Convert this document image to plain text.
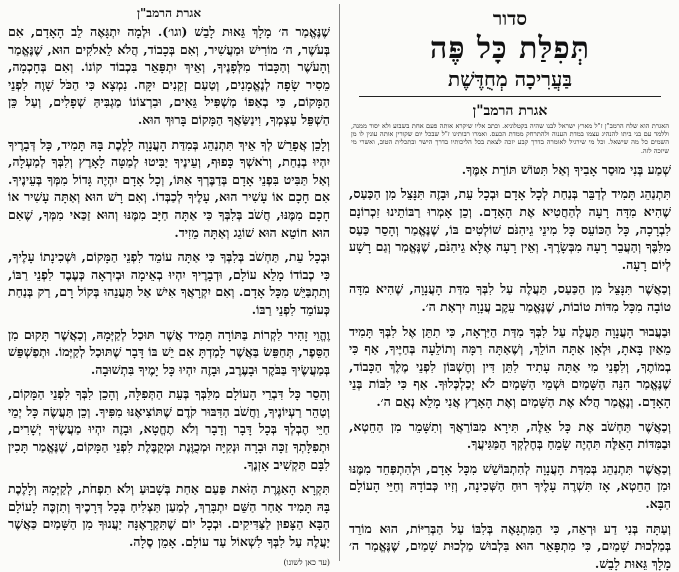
סדור
תְּפִלַּת כָּל פֶּה
בַּעֲרִיכָה מְחֻדֶּשֶׁת
אגרת הרמב"ן
האגרת הוא שלח הרמב"ן ז"ל מארץ ישראל לבנו שהיה בקטלוניא. וכתב אליו שיקרא אותה פעם אחת בשבוע ולא יסור ממנה, וללמד עם בני ביתו להנהיג עצמו במדת הענוה ולהתרחק ממדת הכעס. ואמרו רבותינו ז"ל שבכל יום שקורין אותה עונין לו מן השמים כל מה שישאל. וכל מי שירגיל לאומרה בדרך קבע יזכה לצאת בכל הליכותיו בדרך הישר ובתכלית הטוב, ואשרי מי שיזכה לזה.
שְׁמַע בְּנִי מוּסַר אָבִיךָ וְאַל תִּטּוֹשׁ תּוֹרַת אִמֶּךָ.
תִּתְנַהֵג תָּמִיד לְדַבֵּר בְּנַחַת לְכָל אָדָם וּבְכָל עֵת, וּבָזֶה תִּנָּצֵל מִן הַכַּעַס, שֶׁהִיא מִדָּה רָעָה לְהַחֲטִיא אֶת הָאָדָם. וְכֵן אָמְרוּ רַבּוֹתֵינוּ זִכְרוֹנָם לִבְרָכָה, כָּל הַכּוֹעֵס כָּל מִינֵי גֵיהִנֹּם שׁוֹלְטִים בּוֹ, שֶׁנֶּאֱמַר וְהָסֵר כַּעַס מִלִּבֶּךָ וְהַעֲבֵר רָעָה מִבְּשָׂרֶךָ. וְאֵין רָעָה אֶלָּא גֵיהִנֹּם, שֶׁנֶּאֱמַר וְגַם רָשָׁע לְיוֹם רָעָה.
וְכַאֲשֶׁר תִּנָּצֵל מִן הַכַּעַס, תַּעֲלֶה עַל לִבְּךָ מִדַּת הָעֲנָוָה, שֶׁהִיא מִדָּה טוֹבָה מִכָּל מִדּוֹת טוֹבוֹת, שֶׁנֶּאֱמַר עֵקֶב עֲנָוָה יִרְאַת ה׳.
וּבַעֲבוּר הָעֲנָוָה תַּעֲלֶה עַל לִבְּךָ מִדַּת הַיִּרְאָה, כִּי תִתֵּן אֶל לִבְּךָ תָּמִיד מֵאַיִן בָּאתָ, וּלְאָן אַתָּה הוֹלֵךְ, וְשֶׁאַתָּה רִמָּה וְתוֹלֵעָה בְּחַיֶּיךָ, אַף כִּי בְמוֹתֶךָ, וְלִפְנֵי מִי אַתָּה עָתִיד לִתֵּן דִּין וְחֶשְׁבּוֹן לִפְנֵי מֶלֶךְ הַכָּבוֹד, שֶׁנֶּאֱמַר הִנֵּה הַשָּׁמַיִם וּשְׁמֵי הַשָּׁמַיִם לֹא יְכַלְכְּלוּךָ. אַף כִּי לִבּוֹת בְּנֵי הָאָדָם. וְנֶאֱמַר הֲלֹא אֶת הַשָּׁמַיִם וְאֶת הָאָרֶץ אֲנִי מָלֵא נְאֻם ה׳.
וְכַאֲשֶׁר תַּחְשֹׁב אֶת כָּל אֵלֶּה, תִּירָא מִבּוֹרַאֲךָ וְתִשָּׁמֵר מִן הַחֵטְא, וּבַמִּדּוֹת הָאֵלֶּה תִּהְיֶה שָׂמֵחַ בְּחֶלְקְךָ הַמַּגִּיעֲךָ.
וְכַאֲשֶׁר תִּתְנַהֵג בְּמִדַּת הָעֲנָוָה לְהִתְבּוֹשֵׁשׁ מִכָּל אָדָם, וּלְהִתְפַּחֵד מִמֶּנּוּ וּמִן הַחֵטְא, אָז תִּשְׁרֶה עָלֶיךָ רוּחַ הַשְּׁכִינָה, וְזִיו כְּבוֹדָהּ וְחַיֵּי הָעוֹלָם הַבָּא.
וְעַתָּה בְּנִי דַע וּרְאֵה, כִּי הַמִּתְגָּאֶה בְּלִבּוֹ עַל הַבְּרִיּוֹת, הוּא מוֹרֵד בְּמַלְכוּת שָׁמַיִם, כִּי מִתְפָּאֵר הוּא בִּלְבוּשׁ מַלְכוּת שָׁמַיִם, שֶׁנֶּאֱמַר ה׳ מָלָךְ גֵּאוּת לָבֵשׁ.
אגרת הרמב"ן
שֶׁנֶּאֱמַר ה׳ מָלָךְ גֵּאוּת לָבֵשׁ (וגו׳). וּלְמָה יִתְגָּאֶה לֵב הָאָדָם, אִם בְּעֹשֶׁר, ה׳ מוֹרִישׁ וּמַעֲשִׁיר, וְאִם בְּכָבוֹד, הֲלֹא לֵאלֹקִים הוּא, שֶׁנֶּאֱמַר וְהָעֹשֶׁר וְהַכָּבוֹד מִלְּפָנֶיךָ, וְאֵיךְ יִתְפָּאֵר בִּכְבוֹד קוֹנוֹ. וְאִם בְּחָכְמָה, מֵסִיר שָׂפָה לְנֶאֱמָנִים, וְטַעַם זְקֵנִים יִקָּח. נִמְצָא כִּי הַכֹּל שָׁוֶה לִפְנֵי הַמָּקוֹם, כִּי בְאַפּוֹ מַשְׁפִּיל גֵּאִים, וּבִרְצוֹנוֹ מַגְבִּיהַּ שְׁפָלִים, וְעַל כֵּן הַשְׁפֵּל עַצְמְךָ, וִינַשַּׂאֲךָ הַמָּקוֹם בָּרוּךְ הוּא.
וְלָכֵן אֲפָרֵשׁ לְךָ אֵיךְ תִּתְנַהֵג בְּמִדַּת הָעֲנָוָה לָלֶכֶת בָּהּ תָּמִיד, כָּל דְּבָרֶיךָ יִהְיוּ בְנַחַת, וְרֹאשְׁךָ כָּפוּף, וְעֵינֶיךָ יַבִּיטוּ לְמַטָּה לָאָרֶץ וְלִבְּךָ לְמַעְלָה, וְאַל תַּבִּיט בִּפְנֵי אָדָם בְּדַבֶּרְךָ אִתּוֹ, וְכָל אָדָם יִהְיֶה גָּדוֹל מִמְּךָ בְּעֵינֶיךָ. אִם חָכָם אוֹ עָשִׁיר הוּא, עָלֶיךָ לְכַבְּדוֹ. וְאִם רָשׁ הוּא וְאַתָּה עָשִׁיר אוֹ חָכָם מִמֶּנּוּ, חֲשֹׁב בְּלִבְּךָ כִּי אַתָּה חַיָּב מִמֶּנּוּ וְהוּא זַכַּאי מִמְּךָ, שֶׁאִם הוּא חוֹטֵא הוּא שׁוֹגֵג וְאַתָּה מֵזִיד.
וּבְכָל עֵת, תַּחְשֹׁב בְּלִבְּךָ כִּי אַתָּה עוֹמֵד לִפְנֵי הַמָּקוֹם, וּשְׁכִינָתוֹ עָלֶיךָ, כִּי כְבוֹדוֹ מָלֵא עוֹלָם, וּדְבָרֶיךָ יִהְיוּ בְאֵימָה וּבְיִרְאָה כְּעֶבֶד לִפְנֵי רַבּוֹ, וְתִתְבַּיֵּשׁ מִכָּל אָדָם. וְאִם יִקְרָאֲךָ אִישׁ אַל תַּעֲנֵהוּ בְּקוֹל רָם, רַק בְּנַחַת כְּעוֹמֵד לִפְנֵי רַבּוֹ.
וֶהֱוֵי זָהִיר לִקְרוֹת בַּתּוֹרָה תָּמִיד אֲשֶׁר תּוּכַל לְקַיְּמָהּ, וְכַאֲשֶׁר תָּקוּם מִן הַסֵּפֶר, תְּחַפֵּשׂ בַּאֲשֶׁר לָמַדְתָּ אִם יֵשׁ בּוֹ דָּבָר שֶׁתּוּכַל לְקַיְּמוֹ. וּתְפַשְׁפֵּשׁ בְּמַעֲשֶׂיךָ בַּבֹּקֶר וּבָעֶרֶב, וּבָזֶה יִהְיוּ כָּל יָמֶיךָ בִּתְשׁוּבָה.
וְהָסֵר כָּל דִּבְרֵי הָעוֹלָם מִלִּבְּךָ בְּעֵת הַתְּפִלָּה, וְהָכֵן לִבְּךָ לִפְנֵי הַמָּקוֹם, וְטַהֵר רַעְיוֹנֶיךָ, וַחֲשֹׁב הַדִּבּוּר קֹדֶם שֶׁתּוֹצִיאֶנּוּ מִפִּיךָ. וְכֵן תַּעֲשֶׂה כָּל יְמֵי חַיֵּי הֶבְלְךָ בְּכָל דָּבָר וְדָבָר וְלֹא תֶחֱטָא, וּבָזֶה יִהְיוּ מַעֲשֶׂיךָ יְשָׁרִים, וּתְפִלָּתְךָ זַכָּה וּבָרָה וּנְקִיָּה וּמְכֻוֶּנֶת וּמְקֻבֶּלֶת לִפְנֵי הַמָּקוֹם, שֶׁנֶּאֱמַר תָּכִין לִבָּם תַּקְשִׁיב אָזְנֶךָ.
תִּקְרָא הָאִגֶּרֶת הַזֹּאת פַּעַם אַחַת בְּשָׁבוּעַ וְלֹא תִפְחֹת, לְקַיְּמָהּ וְלָלֶכֶת בָּהּ תָּמִיד אַחַר הַשֵּׁם יִתְבָּרַךְ, לְמַעַן תַּצְלִיחַ בְּכָל דְּרָכֶיךָ וְתִזְכֶּה לָעוֹלָם הַבָּא הַצָּפוּן לַצַּדִּיקִים. וּבְכָל יוֹם שֶׁתִּקְרָאֶנָּה יַעֲנוּךָ מִן הַשָּׁמַיִם כַּאֲשֶׁר יַעֲלֶה עַל לִבְּךָ לִשְׁאוֹל עַד עוֹלָם. אָמֵן סֶלָה.
(עד כאן לשונו)
